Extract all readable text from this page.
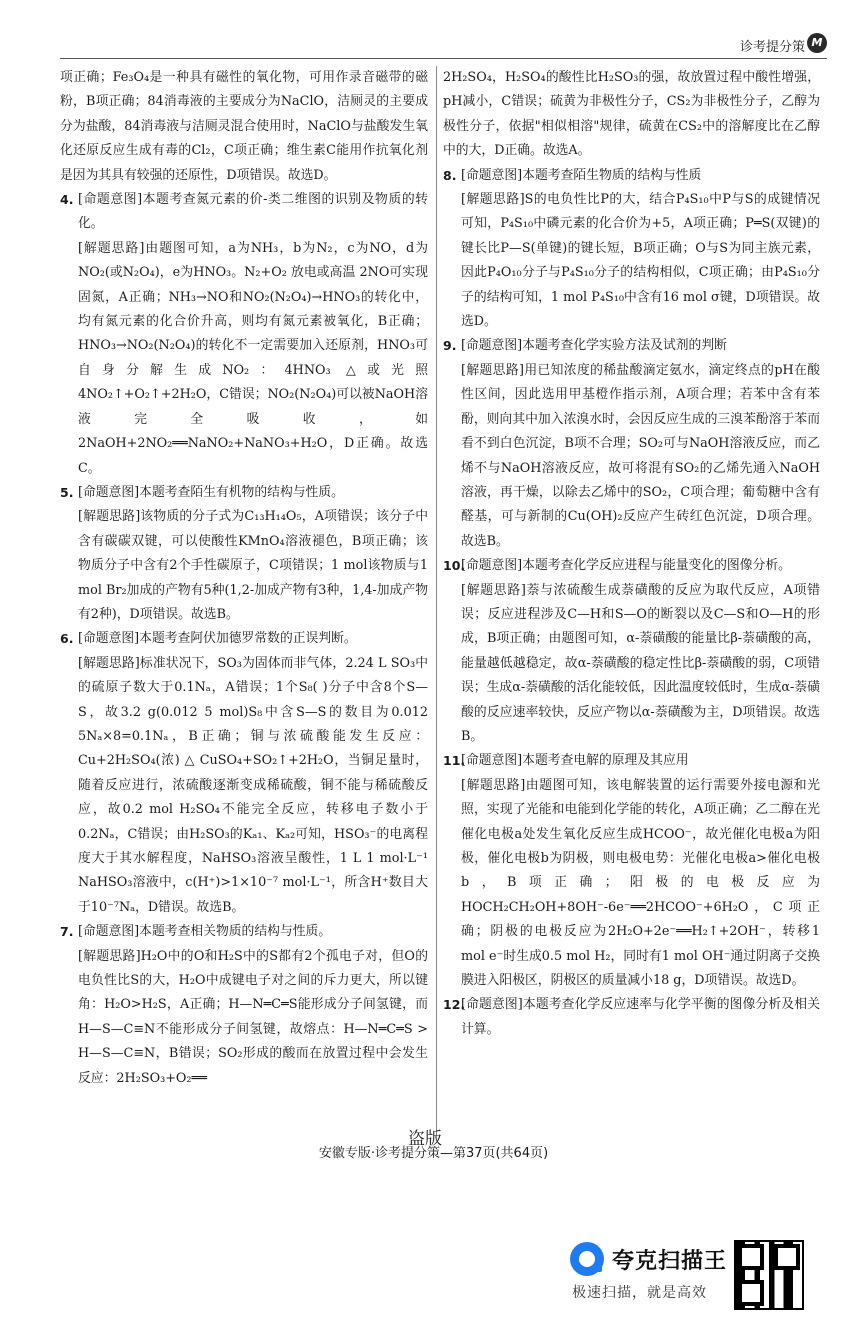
诊考提分策 M

项正确；Fe₃O₄是一种具有磁性的氧化物，可用作录音磁带的磁粉，B项正确；84消毒液的主要成分为NaClO，洁厕灵的主要成分为盐酸，84消毒液与洁厕灵混合使用时，NaClO与盐酸发生氧化还原反应生成有毒的Cl₂，C项正确；维生素C能用作抗氧化剂是因为其具有较强的还原性，D项错误。故选D。

4. [命题意图]本题考查氮元素的价-类二维图的识别及物质的转化。

[解题思路]由题图可知，a为NH₃，b为N₂，c为NO，d为NO₂(或N₂O₄)，e为HNO₃。N₂+O₂ 放电或高温 2NO可实现固氮，A正确；NH₃→NO和NO₂(N₂O₄)→HNO₃的转化中，均有氮元素的化合价升高，则均有氮元素被氧化，B正确；HNO₃→NO₂(N₂O₄)的转化不一定需要加入还原剂，HNO₃可自身分解生成NO₂：4HNO₃ △或光照 4NO₂↑+O₂↑+2H₂O，C错误；NO₂(N₂O₄)可以被NaOH溶液完全吸收，如2NaOH+2NO₂══NaNO₂+NaNO₃+H₂O，D正确。故选C。

5. [命题意图]本题考查陌生有机物的结构与性质。

[解题思路]该物质的分子式为C₁₃H₁₄O₅，A项错误；该分子中含有碳碳双键，可以使酸性KMnO₄溶液褪色，B项正确；该物质分子中含有2个手性碳原子，C项错误；1 mol该物质与1 mol Br₂加成的产物有5种(1,2-加成产物有3种，1,4-加成产物有2种)，D项错误。故选B。

6. [命题意图]本题考查阿伏加德罗常数的正误判断。

[解题思路]标准状况下，SO₃为固体而非气体，2.24 L SO₃中的硫原子数大于0.1Nₐ，A错误；1个S₈( )分子中含8个S—S，故3.2 g(0.012 5 mol)S₈中含S—S的数目为0.012 5Nₐ×8=0.1Nₐ，B正确；铜与浓硫酸能发生反应：Cu+2H₂SO₄(浓) △ CuSO₄+SO₂↑+2H₂O，当铜足量时，随着反应进行，浓硫酸逐渐变成稀硫酸，铜不能与稀硫酸反应，故0.2 mol H₂SO₄不能完全反应，转移电子数小于0.2Nₐ，C错误；由H₂SO₃的Kₐ₁、Kₐ₂可知，HSO₃⁻的电离程度大于其水解程度，NaHSO₃溶液呈酸性，1 L 1 mol·L⁻¹ NaHSO₃溶液中，c(H⁺)>1×10⁻⁷ mol·L⁻¹，所含H⁺数目大于10⁻⁷Nₐ，D错误。故选B。

7. [命题意图]本题考查相关物质的结构与性质。

[解题思路]H₂O中的O和H₂S中的S都有2个孤电子对，但O的电负性比S的大，H₂O中成键电子对之间的斥力更大，所以键角：H₂O>H₂S，A正确；H—N═C═S能形成分子间氢键，而H—S—C≡N不能形成分子间氢键，故熔点：H—N═C═S > H—S—C≡N，B错误；SO₂形成的酸而在放置过程中会发生反应：2H₂SO₃+O₂══

2H₂SO₄，H₂SO₄的酸性比H₂SO₃的强，故放置过程中酸性增强，pH减小，C错误；硫黄为非极性分子，CS₂为非极性分子，乙醇为极性分子，依据"相似相溶"规律，硫黄在CS₂中的溶解度比在乙醇中的大，D正确。故选A。

8. [命题意图]本题考查陌生物质的结构与性质

[解题思路]S的电负性比P的大，结合P₄S₁₀中P与S的成键情况可知，P₄S₁₀中磷元素的化合价为+5，A项正确；P═S(双键)的键长比P—S(单键)的键长短，B项正确；O与S为同主族元素，因此P₄O₁₀分子与P₄S₁₀分子的结构相似，C项正确；由P₄S₁₀分子的结构可知，1 mol P₄S₁₀中含有16 mol σ键，D项错误。故选D。

9. [命题意图]本题考查化学实验方法及试剂的判断

[解题思路]用已知浓度的稀盐酸滴定氨水，滴定终点的pH在酸性区间，因此选用甲基橙作指示剂，A项合理；若苯中含有苯酚，则向其中加入浓溴水时，会因反应生成的三溴苯酚溶于苯而看不到白色沉淀，B项不合理；SO₂可与NaOH溶液反应，而乙烯不与NaOH溶液反应，故可将混有SO₂的乙烯先通入NaOH溶液，再干燥，以除去乙烯中的SO₂，C项合理；葡萄糖中含有醛基，可与新制的Cu(OH)₂反应产生砖红色沉淀，D项合理。故选B。

10.

[命题意图]本题考查化学反应进程与能量变化的图像分析。

[解题思路]萘与浓硫酸生成萘磺酸的反应为取代反应，A项错误；反应进程涉及C—H和S—O的断裂以及C—S和O—H的形成，B项正确；由题图可知，α-萘磺酸的能量比β-萘磺酸的高，能量越低越稳定，故α-萘磺酸的稳定性比β-萘磺酸的弱，C项错误；生成α-萘磺酸的活化能较低，因此温度较低时，生成α-萘磺酸的反应速率较快，反应产物以α-萘磺酸为主，D项错误。故选B。

11.

[命题意图]本题考查电解的原理及其应用

[解题思路]由题图可知，该电解装置的运行需要外接电源和光照，实现了光能和电能到化学能的转化，A项正确；乙二醇在光催化电极a处发生氧化反应生成HCOO⁻，故光催化电极a为阳极，催化电极b为阴极，则电极电势：光催化电极a>催化电极b，B项正确；阳极的电极反应为HOCH₂CH₂OH+8OH⁻-6e⁻══2HCOO⁻+6H₂O，C项正确；阴极的电极反应为2H₂O+2e⁻══H₂↑+2OH⁻，转移1 mol e⁻时生成0.5 mol H₂，同时有1 mol OH⁻通过阴离子交换膜进入阳极区，阴极区的质量减小18 g，D项错误。故选D。

12.

[命题意图]本题考查化学反应速率与化学平衡的图像分析及相关计算。

盗版
安徽专版·诊考提分策—第37页(共64页)
夸克扫描王
极速扫描，就是高效
